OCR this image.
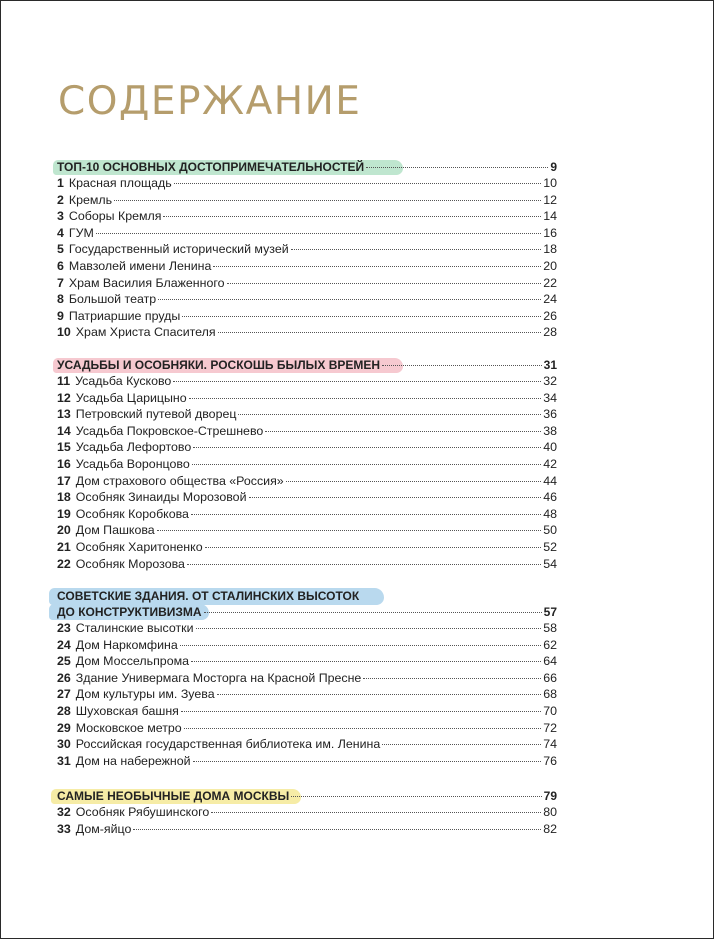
СОДЕРЖАНИЕ
ТОП-10 ОСНОВНЫХ ДОСТОПРИМЕЧАТЕЛЬНОСТЕЙ	9
1 Красная площадь	10
2 Кремль	12
3 Соборы Кремля	14
4 ГУМ	16
5 Государственный исторический музей	18
6 Мавзолей имени Ленина	20
7 Храм Василия Блаженного	22
8 Большой театр	24
9 Патриаршие пруды	26
10 Храм Христа Спасителя	28
УСАДЬБЫ И ОСОБНЯКИ. РОСКОШЬ БЫЛЫХ ВРЕМЕН	31
11 Усадьба Кусково	32
12 Усадьба Царицыно	34
13 Петровский путевой дворец	36
14 Усадьба Покровское-Стрешнево	38
15 Усадьба Лефортово	40
16 Усадьба Воронцово	42
17 Дом страхового общества «Россия»	44
18 Особняк Зинаиды Морозовой	46
19 Особняк Коробкова	48
20 Дом Пашкова	50
21 Особняк Харитоненко	52
22 Особняк Морозова	54
СОВЕТСКИЕ ЗДАНИЯ. ОТ СТАЛИНСКИХ ВЫСОТОК
ДО КОНСТРУКТИВИЗМА	57
23 Сталинские высотки	58
24 Дом Наркомфина	62
25 Дом Моссельпрома	64
26 Здание Универмага Мосторга на Красной Пресне	66
27 Дом культуры им. Зуева	68
28 Шуховская башня	70
29 Московское метро	72
30 Российская государственная библиотека им. Ленина	74
31 Дом на набережной	76
САМЫЕ НЕОБЫЧНЫЕ ДОМА МОСКВЫ	79
32 Особняк Рябушинского	80
33 Дом-яйцо	82
